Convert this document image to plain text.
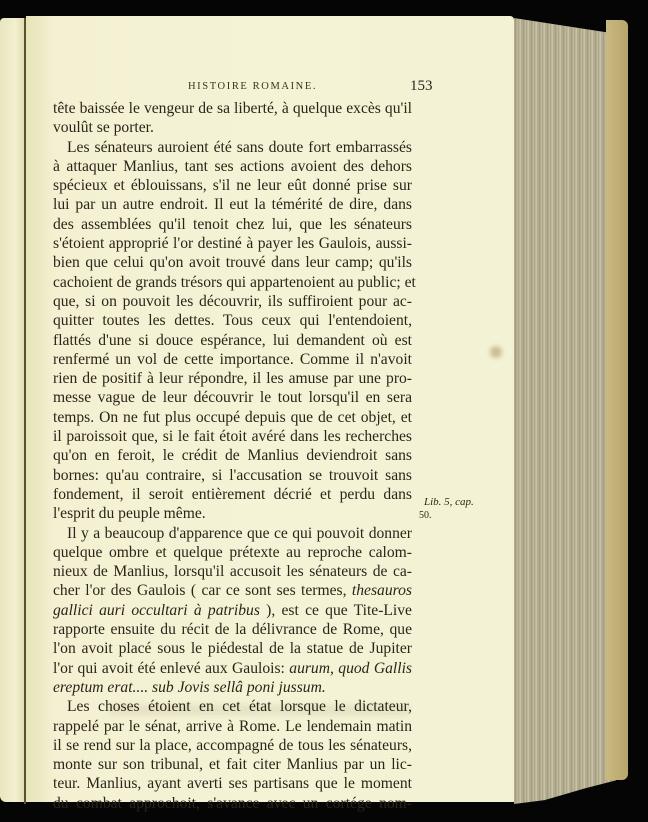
HISTOIRE ROMAINE.	153
tête baissée le vengeur de sa liberté, à quelque excès qu'il
voulût se porter.
Les sénateurs auroient été sans doute fort embarrassés
à attaquer Manlius, tant ses actions avoient des dehors
spécieux et éblouissans, s'il ne leur eût donné prise sur
lui par un autre endroit. Il eut la témérité de dire, dans
des assemblées qu'il tenoit chez lui, que les sénateurs
s'étoient approprié l'or destiné à payer les Gaulois, aussi-
bien que celui qu'on avoit trouvé dans leur camp; qu'ils
cachoient de grands trésors qui appartenoient au public; et
que, si on pouvoit les découvrir, ils suffiroient pour ac-
quitter toutes les dettes. Tous ceux qui l'entendoient,
flattés d'une si douce espérance, lui demandent où est
renfermé un vol de cette importance. Comme il n'avoit
rien de positif à leur répondre, il les amuse par une pro-
messe vague de leur découvrir le tout lorsqu'il en sera
temps. On ne fut plus occupé depuis que de cet objet, et
il paroissoit que, si le fait étoit avéré dans les recherches
qu'on en feroit, le crédit de Manlius deviendroit sans
bornes: qu'au contraire, si l'accusation se trouvoit sans
fondement, il seroit entièrement décrié et perdu dans
l'esprit du peuple même.
Il y a beaucoup d'apparence que ce qui pouvoit donner
quelque ombre et quelque prétexte au reproche calom-
nieux de Manlius, lorsqu'il accusoit les sénateurs de ca-
cher l'or des Gaulois ( car ce sont ses termes, thesauros
gallici auri occultari à patribus ), est ce que Tite-Live
rapporte ensuite du récit de la délivrance de Rome, que
l'on avoit placé sous le piédestal de la statue de Jupiter
l'or qui avoit été enlevé aux Gaulois: aurum, quod Gallis
ereptum erat.... sub Jovis sellâ poni jussum.
Les choses étoient en cet état lorsque le dictateur,
rappelé par le sénat, arrive à Rome. Le lendemain matin
il se rend sur la place, accompagné de tous les sénateurs,
monte sur son tribunal, et fait citer Manlius par un lic-
teur. Manlius, ayant averti ses partisans que le moment
du combat approchoit, s'avance avec un cortége nom-
Lib. 5, cap.
50.
